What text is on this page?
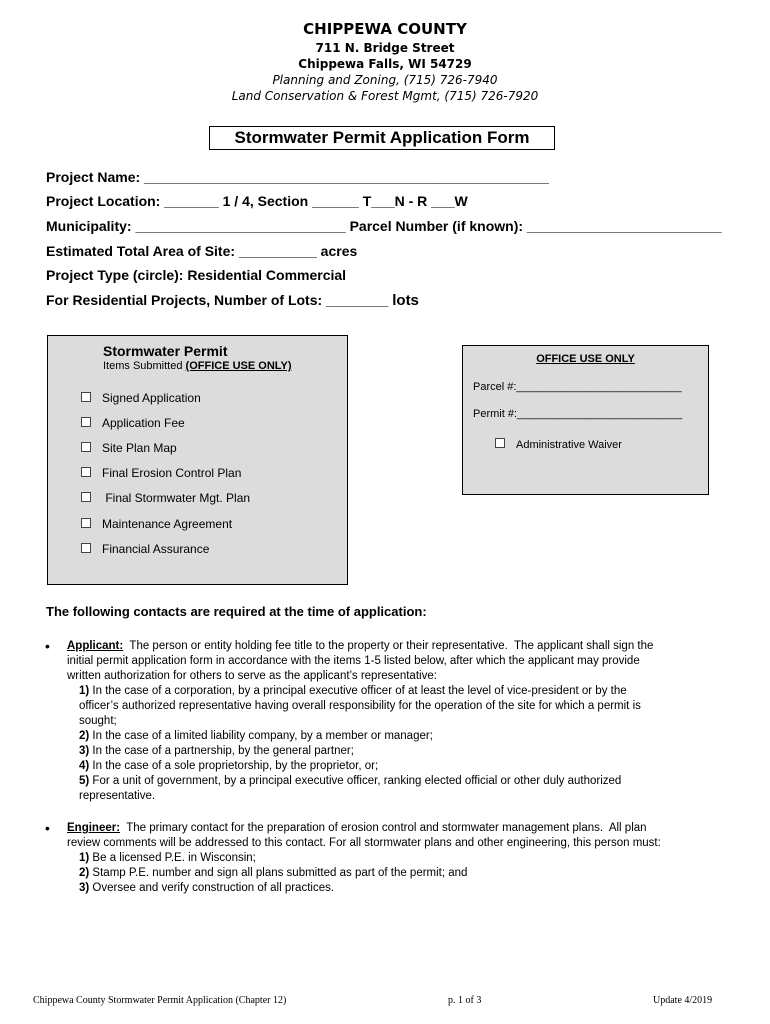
CHIPPEWA COUNTY
711 N. Bridge Street
Chippewa Falls, WI 54729
Planning and Zoning, (715) 726-7940
Land Conservation & Forest Mgmt, (715) 726-7920
Stormwater Permit Application Form
Project Name: ____________________________________________________
Project Location: _______ 1 / 4, Section ______ T___N - R ___W
Municipality: ___________________________ Parcel Number (if known): _________________________
Estimated Total Area of Site: __________ acres
Project Type (circle): Residential Commercial
For Residential Projects, Number of Lots: ________ lots
Stormwater Permit
Items Submitted (OFFICE USE ONLY)
Signed Application
Application Fee
Site Plan Map
Final Erosion Control Plan
Final Stormwater Mgt. Plan
Maintenance Agreement
Financial Assurance
OFFICE USE ONLY
Parcel #:___________________________
Permit #:___________________________
Administrative Waiver
The following contacts are required at the time of application:
• Applicant:  The person or entity holding fee title to the property or their representative.  The applicant shall sign the
initial permit application form in accordance with the items 1-5 listed below, after which the applicant may provide
written authorization for others to serve as the applicant’s representative:
1) In the case of a corporation, by a principal executive officer of at least the level of vice-president or by the
officer’s authorized representative having overall responsibility for the operation of the site for which a permit is
sought;
2) In the case of a limited liability company, by a member or manager;
3) In the case of a partnership, by the general partner;
4) In the case of a sole proprietorship, by the proprietor, or;
5) For a unit of government, by a principal executive officer, ranking elected official or other duly authorized
representative.
• Engineer:  The primary contact for the preparation of erosion control and stormwater management plans.  All plan
review comments will be addressed to this contact. For all stormwater plans and other engineering, this person must:
1) Be a licensed P.E. in Wisconsin;
2) Stamp P.E. number and sign all plans submitted as part of the permit; and
3) Oversee and verify construction of all practices.
Chippewa County Stormwater Permit Application (Chapter 12)	p. 1 of 3	Update 4/2019
